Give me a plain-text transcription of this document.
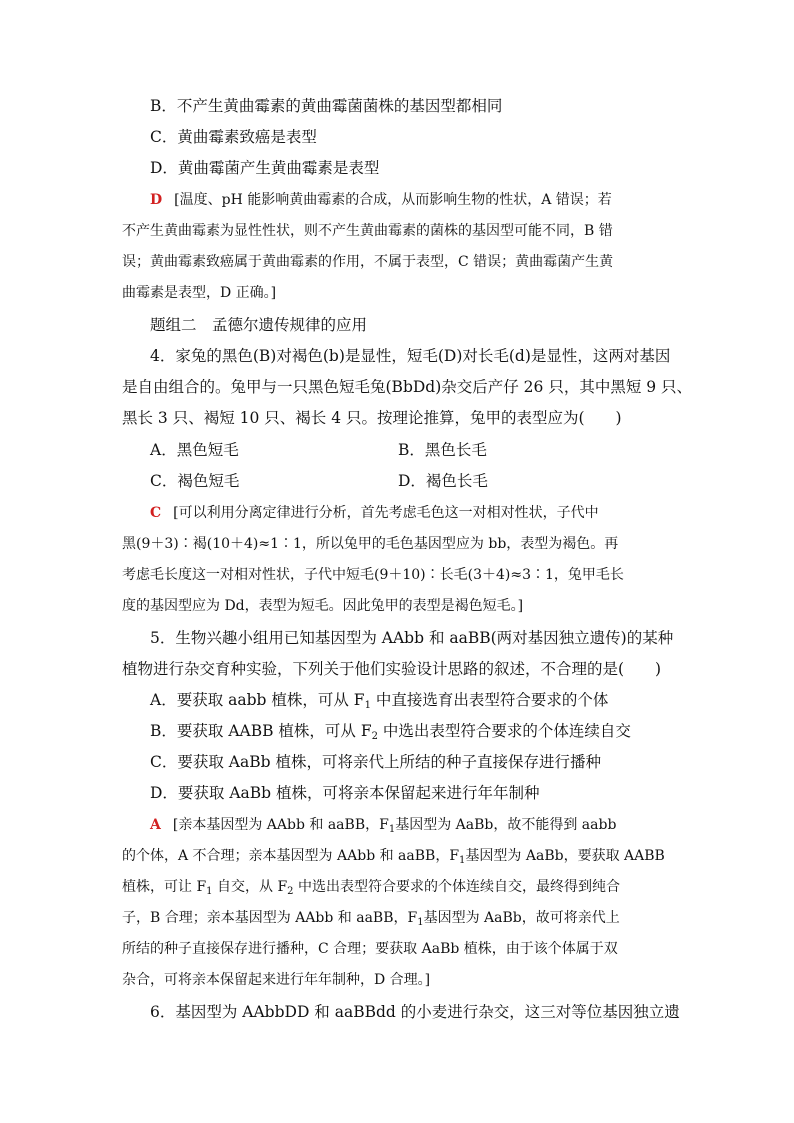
B．不产生黄曲霉素的黄曲霉菌菌株的基因型都相同
C．黄曲霉素致癌是表型
D．黄曲霉菌产生黄曲霉素是表型
D [温度、pH 能影响黄曲霉素的合成，从而影响生物的性状，A 错误；若
不产生黄曲霉素为显性性状，则不产生黄曲霉素的菌株的基因型可能不同，B 错
误；黄曲霉素致癌属于黄曲霉素的作用，不属于表型，C 错误；黄曲霉菌产生黄
曲霉素是表型，D 正确。]
题组二　孟德尔遗传规律的应用
4．家兔的黑色(B)对褐色(b)是显性，短毛(D)对长毛(d)是显性，这两对基因
是自由组合的。兔甲与一只黑色短毛兔(BbDd)杂交后产仔 26 只，其中黑短 9 只、
黑长 3 只、褐短 10 只、褐长 4 只。按理论推算，兔甲的表型应为(　　)
A．黑色短毛	B．黑色长毛
C．褐色短毛	D．褐色长毛
C [可以利用分离定律进行分析，首先考虑毛色这一对相对性状，子代中
黑(9＋3)∶褐(10＋4)≈1∶1，所以兔甲的毛色基因型应为 bb，表型为褐色。再
考虑毛长度这一对相对性状，子代中短毛(9＋10)∶长毛(3＋4)≈3∶1，兔甲毛长
度的基因型应为 Dd，表型为短毛。因此兔甲的表型是褐色短毛。]
5．生物兴趣小组用已知基因型为 AAbb 和 aaBB(两对基因独立遗传)的某种
植物进行杂交育种实验，下列关于他们实验设计思路的叙述，不合理的是(　　)
A．要获取 aabb 植株，可从 $F_1$ 中直接选育出表型符合要求的个体
B．要获取 AABB 植株，可从 $F_2$ 中选出表型符合要求的个体连续自交
C．要获取 AaBb 植株，可将亲代上所结的种子直接保存进行播种
D．要获取 AaBb 植株，可将亲本保留起来进行年年制种
A [亲本基因型为 AAbb 和 aaBB，$F_1$基因型为 AaBb，故不能得到 aabb
的个体，A 不合理；亲本基因型为 AAbb 和 aaBB，$F_1$基因型为 AaBb，要获取 AABB
植株，可让 $F_1$ 自交，从 $F_2$ 中选出表型符合要求的个体连续自交，最终得到纯合
子，B 合理；亲本基因型为 AAbb 和 aaBB，$F_1$基因型为 AaBb，故可将亲代上
所结的种子直接保存进行播种，C 合理；要获取 AaBb 植株，由于该个体属于双
杂合，可将亲本保留起来进行年年制种，D 合理。]
6．基因型为 AAbbDD 和 aaBBdd 的小麦进行杂交，这三对等位基因独立遗
